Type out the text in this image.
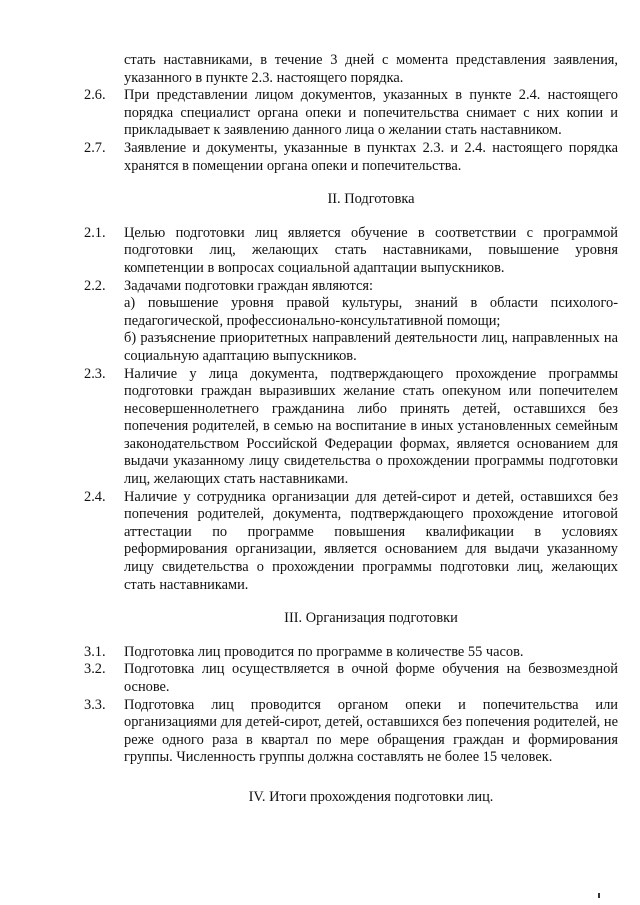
стать наставниками, в течение 3 дней с момента представления заявления, указанного в пункте 2.3. настоящего порядка.
2.6.	При представлении лицом документов, указанных в пункте 2.4. настоящего порядка специалист органа опеки и попечительства снимает с них копии и прикладывает к заявлению данного лица о желании стать наставником.
2.7.	Заявление и документы, указанные в пунктах 2.3. и 2.4. настоящего порядка хранятся в помещении органа опеки и попечительства.
II. Подготовка
2.1.	Целью подготовки лиц является обучение в соответствии с программой подготовки лиц, желающих стать наставниками, повышение уровня компетенции в вопросах социальной адаптации выпускников.
2.2.	Задачами подготовки граждан являются:
а) повышение уровня правой культуры, знаний в области психолого-педагогической, профессионально-консультативной помощи;
б) разъяснение приоритетных направлений деятельности лиц, направленных на социальную адаптацию выпускников.
2.3.	Наличие у лица документа, подтверждающего прохождение программы подготовки граждан выразивших желание стать опекуном или попечителем несовершеннолетнего гражданина либо принять детей, оставшихся без попечения родителей, в семью на воспитание в иных установленных семейным законодательством Российской Федерации формах, является основанием для выдачи указанному лицу свидетельства о прохождении программы подготовки лиц, желающих стать наставниками.
2.4.	Наличие у сотрудника организации для детей-сирот и детей, оставшихся без попечения родителей, документа, подтверждающего прохождение итоговой аттестации по программе повышения квалификации в условиях реформирования организации, является основанием для выдачи указанному лицу свидетельства о прохождении программы подготовки лиц, желающих стать наставниками.
III. Организация подготовки
3.1.	Подготовка лиц проводится по программе в количестве 55 часов.
3.2.	Подготовка лиц осуществляется в очной форме обучения на безвозмездной основе.
3.3.	Подготовка лиц проводится органом опеки и попечительства или организациями для детей-сирот, детей, оставшихся без попечения родителей, не реже одного раза в квартал по мере обращения граждан и формирования группы. Численность группы должна составлять не более 15 человек.
IV. Итоги прохождения подготовки лиц.
